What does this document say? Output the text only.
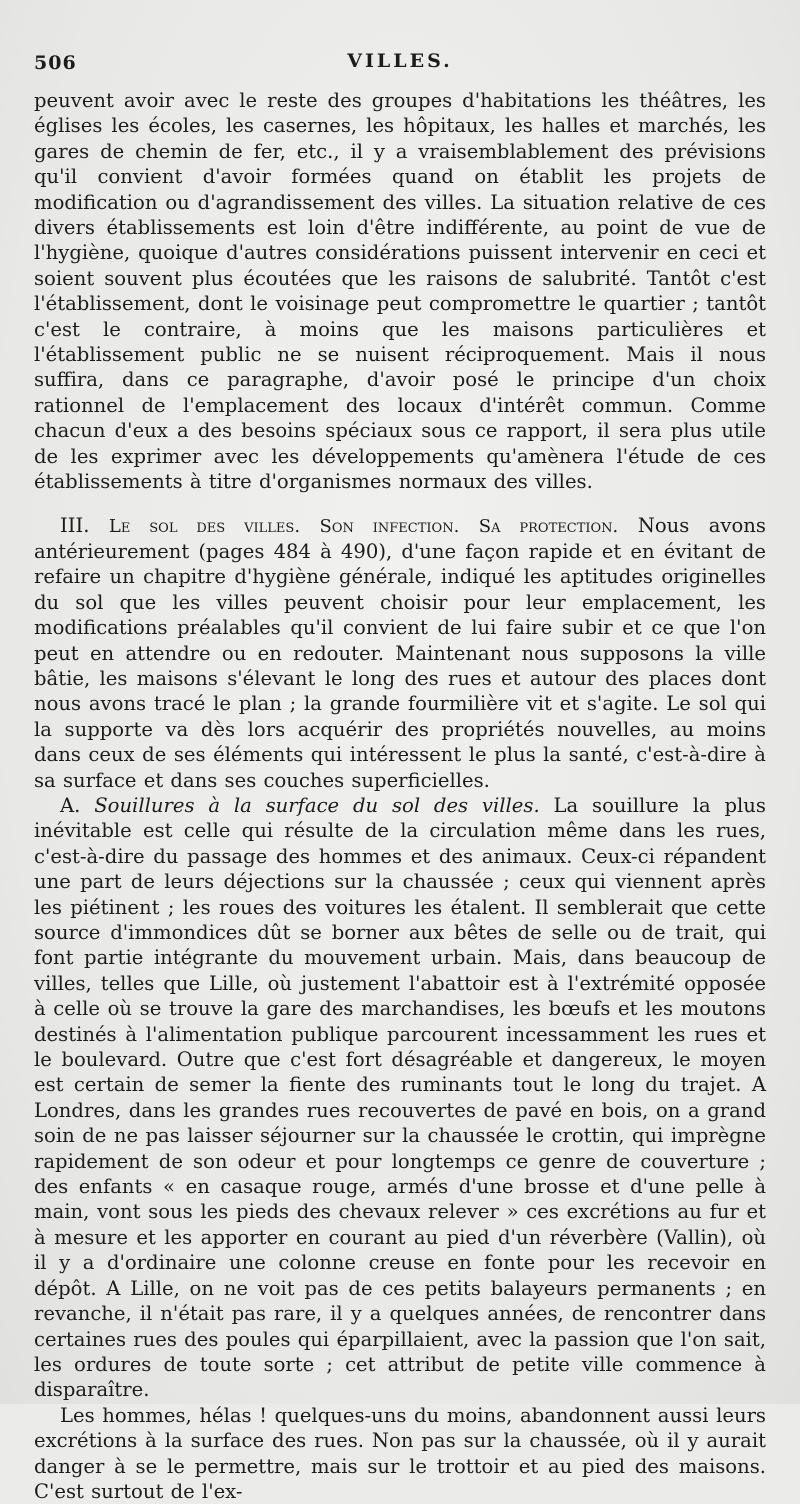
506	VILLES.

peuvent avoir avec le reste des groupes d'habitations les théâtres, les églises les écoles, les casernes, les hôpitaux, les halles et marchés, les gares de chemin de fer, etc., il y a vraisemblablement des prévisions qu'il convient d'avoir formées quand on établit les projets de modification ou d'agrandissement des villes. La situation relative de ces divers établissements est loin d'être indifférente, au point de vue de l'hygiène, quoique d'autres considérations puissent intervenir en ceci et soient souvent plus écoutées que les raisons de salubrité. Tantôt c'est l'établissement, dont le voisinage peut compromettre le quartier ; tantôt c'est le contraire, à moins que les maisons particulières et l'établissement public ne se nuisent réciproquement. Mais il nous suffira, dans ce paragraphe, d'avoir posé le principe d'un choix rationnel de l'emplacement des locaux d'intérêt commun. Comme chacun d'eux a des besoins spéciaux sous ce rapport, il sera plus utile de les exprimer avec les développements qu'amènera l'étude de ces établissements à titre d'organismes normaux des villes.

III. Le sol des villes. Son infection. Sa protection. Nous avons antérieurement (pages 484 à 490), d'une façon rapide et en évitant de refaire un chapitre d'hygiène générale, indiqué les aptitudes originelles du sol que les villes peuvent choisir pour leur emplacement, les modifications préalables qu'il convient de lui faire subir et ce que l'on peut en attendre ou en redouter. Maintenant nous supposons la ville bâtie, les maisons s'élevant le long des rues et autour des places dont nous avons tracé le plan ; la grande fourmilière vit et s'agite. Le sol qui la supporte va dès lors acquérir des propriétés nouvelles, au moins dans ceux de ses éléments qui intéressent le plus la santé, c'est-à-dire à sa surface et dans ses couches superficielles.

A. Souillures à la surface du sol des villes. La souillure la plus inévitable est celle qui résulte de la circulation même dans les rues, c'est-à-dire du passage des hommes et des animaux. Ceux-ci répandent une part de leurs déjections sur la chaussée ; ceux qui viennent après les piétinent ; les roues des voitures les étalent. Il semblerait que cette source d'immondices dût se borner aux bêtes de selle ou de trait, qui font partie intégrante du mouvement urbain. Mais, dans beaucoup de villes, telles que Lille, où justement l'abattoir est à l'extrémité opposée à celle où se trouve la gare des marchandises, les bœufs et les moutons destinés à l'alimentation publique parcourent incessamment les rues et le boulevard. Outre que c'est fort désagréable et dangereux, le moyen est certain de semer la fiente des ruminants tout le long du trajet. A Londres, dans les grandes rues recouvertes de pavé en bois, on a grand soin de ne pas laisser séjourner sur la chaussée le crottin, qui imprègne rapidement de son odeur et pour longtemps ce genre de couverture ; des enfants « en casaque rouge, armés d'une brosse et d'une pelle à main, vont sous les pieds des chevaux relever » ces excrétions au fur et à mesure et les apporter en courant au pied d'un réverbère (Vallin), où il y a d'ordinaire une colonne creuse en fonte pour les recevoir en dépôt. A Lille, on ne voit pas de ces petits balayeurs permanents ; en revanche, il n'était pas rare, il y a quelques années, de rencontrer dans certaines rues des poules qui éparpillaient, avec la passion que l'on sait, les ordures de toute sorte ; cet attribut de petite ville commence à disparaître.

Les hommes, hélas ! quelques-uns du moins, abandonnent aussi leurs excrétions à la surface des rues. Non pas sur la chaussée, où il y aurait danger à se le permettre, mais sur le trottoir et au pied des maisons. C'est surtout de l'ex-
